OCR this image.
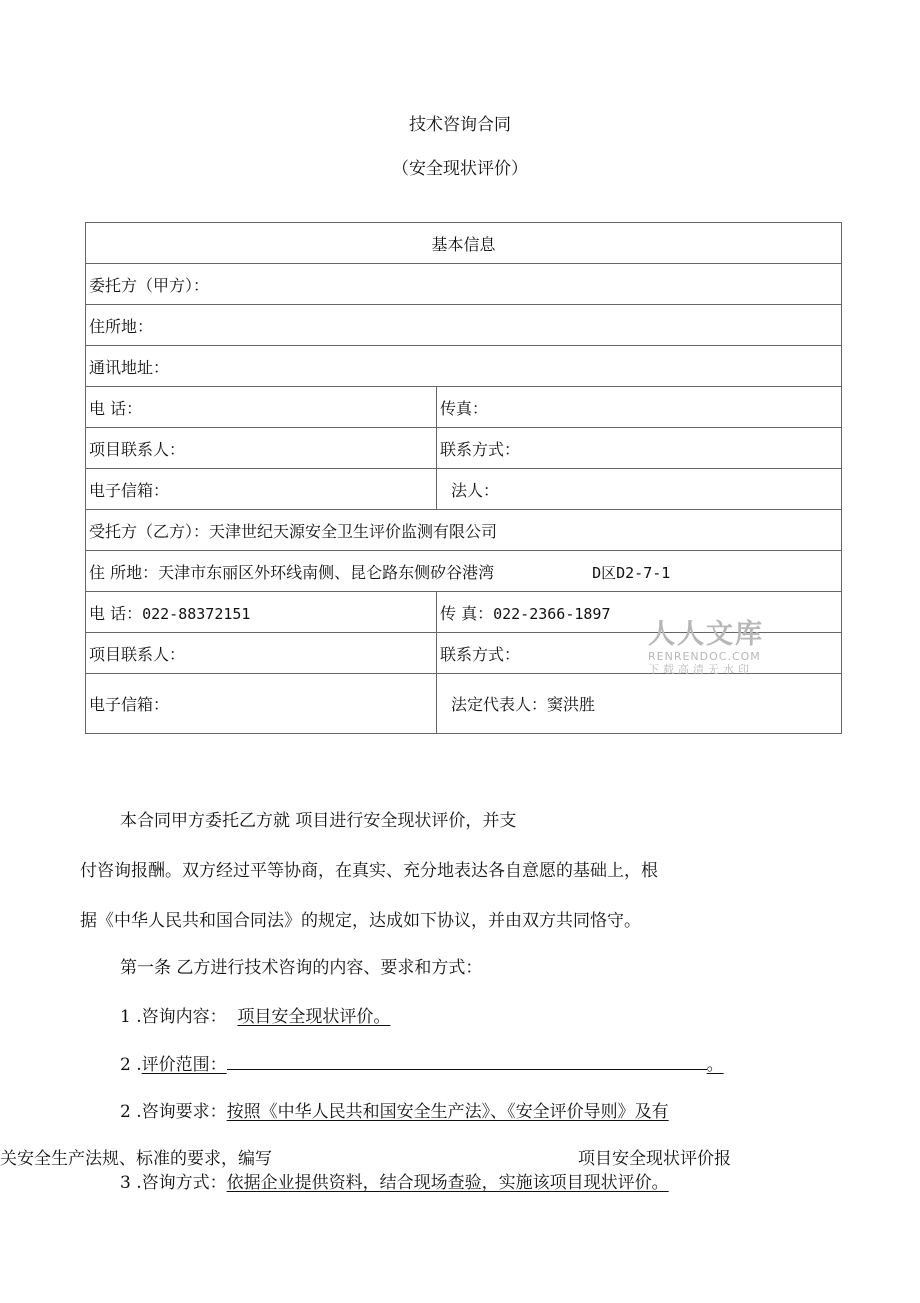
技术咨询合同
（安全现状评价）
基本信息	
委托方（甲方）：	
住所地：	
通讯地址：	
电 话：	传真：
项目联系人：	联系方式：
电子信箱：	法人：
受托方（乙方）：天津世纪天源安全卫生评价监测有限公司	
住 所地：天津市东丽区外环线南侧、昆仑路东侧矽谷港湾 D区D2-7-1	
电 话：022-88372151	传 真：022-2366-1897
项目联系人：	联系方式：
电子信箱：	法定代表人：窦洪胜
人人文库
RENRENDOC.COM
下载高清无水印
本合同甲方委托乙方就 项目进行安全现状评价，并支
付咨询报酬。双方经过平等协商，在真实、充分地表达各自意愿的基础上，根
据《中华人民共和国合同法》的规定，达成如下协议，并由双方共同恪守。
第一条 乙方进行技术咨询的内容、要求和方式：
1 .咨询内容： 项目安全现状评价。
2 .评价范围：	。
2 .咨询要求：按照《中华人民共和国安全生产法》、《安全评价导则》及有
关安全生产法规、标准的要求，编写	项目安全现状评价报
3 .咨询方式：依据企业提供资料，结合现场查验，实施该项目现状评价。
